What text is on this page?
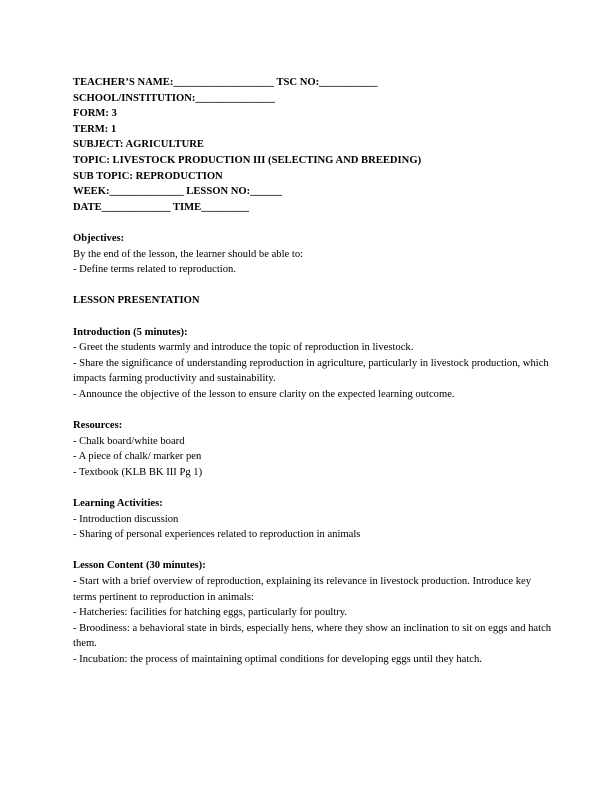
TEACHER’S NAME:___________________ TSC NO:___________
SCHOOL/INSTITUTION:_______________
FORM: 3
TERM: 1
SUBJECT: AGRICULTURE
TOPIC: LIVESTOCK PRODUCTION III (SELECTING AND BREEDING)
SUB TOPIC: REPRODUCTION
WEEK:______________ LESSON NO:______
DATE_____________ TIME_________
Objectives:
By the end of the lesson, the learner should be able to:
- Define terms related to reproduction.
LESSON PRESENTATION
Introduction (5 minutes):
- Greet the students warmly and introduce the topic of reproduction in livestock.
- Share the significance of understanding reproduction in agriculture, particularly in livestock production, which impacts farming productivity and sustainability.
- Announce the objective of the lesson to ensure clarity on the expected learning outcome.
Resources:
- Chalk board/white board
- A piece of chalk/ marker pen
- Textbook (KLB BK III Pg 1)
Learning Activities:
- Introduction discussion
- Sharing of personal experiences related to reproduction in animals
Lesson Content (30 minutes):
- Start with a brief overview of reproduction, explaining its relevance in livestock production. Introduce key terms pertinent to reproduction in animals:
- Hatcheries: facilities for hatching eggs, particularly for poultry.
- Broodiness: a behavioral state in birds, especially hens, where they show an inclination to sit on eggs and hatch them.
- Incubation: the process of maintaining optimal conditions for developing eggs until they hatch.
